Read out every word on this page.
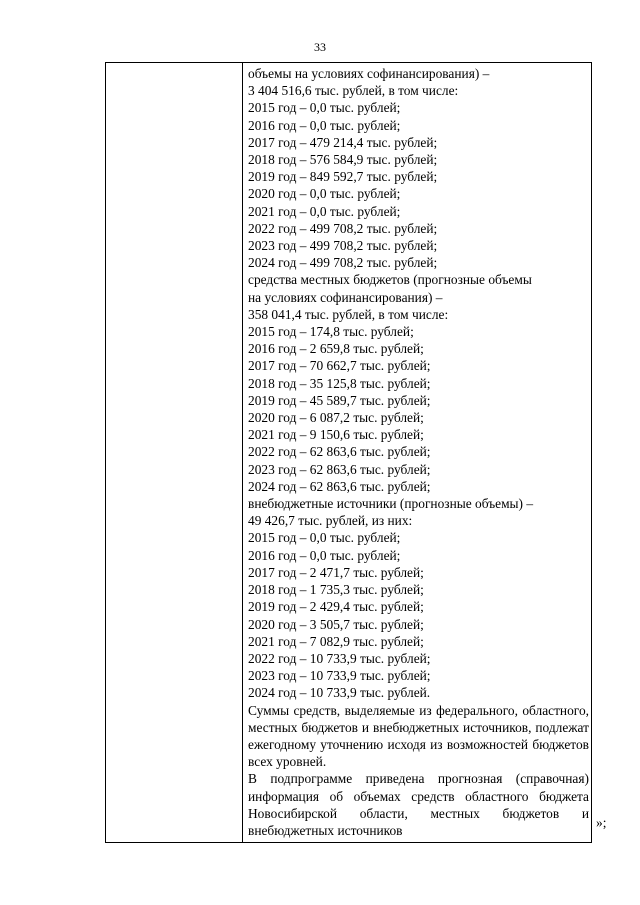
33
объемы на условиях софинансирования) –
3 404 516,6 тыс. рублей, в том числе:
2015 год – 0,0 тыс. рублей;
2016 год – 0,0 тыс. рублей;
2017 год – 479 214,4 тыс. рублей;
2018 год – 576 584,9 тыс. рублей;
2019 год – 849 592,7 тыс. рублей;
2020 год – 0,0 тыс. рублей;
2021 год – 0,0 тыс. рублей;
2022 год – 499 708,2 тыс. рублей;
2023 год – 499 708,2 тыс. рублей;
2024 год – 499 708,2 тыс. рублей;
средства местных бюджетов (прогнозные объемы
на условиях софинансирования) –
358 041,4 тыс. рублей, в том числе:
2015 год – 174,8 тыс. рублей;
2016 год – 2 659,8 тыс. рублей;
2017 год – 70 662,7 тыс. рублей;
2018 год – 35 125,8 тыс. рублей;
2019 год – 45 589,7 тыс. рублей;
2020 год – 6 087,2 тыс. рублей;
2021 год – 9 150,6 тыс. рублей;
2022 год – 62 863,6 тыс. рублей;
2023 год – 62 863,6 тыс. рублей;
2024 год – 62 863,6 тыс. рублей;
внебюджетные источники (прогнозные объемы) –
49 426,7 тыс. рублей, из них:
2015 год – 0,0 тыс. рублей;
2016 год – 0,0 тыс. рублей;
2017 год – 2 471,7 тыс. рублей;
2018 год – 1 735,3 тыс. рублей;
2019 год – 2 429,4 тыс. рублей;
2020 год – 3 505,7 тыс. рублей;
2021 год – 7 082,9 тыс. рублей;
2022 год – 10 733,9 тыс. рублей;
2023 год – 10 733,9 тыс. рублей;
2024 год – 10 733,9 тыс. рублей.
Суммы средств, выделяемые из федерального, областного, местных бюджетов и внебюджетных источников, подлежат ежегодному уточнению исходя из возможностей бюджетов всех уровней.
В подпрограмме приведена прогнозная (справочная) информация об объемах средств областного бюджета Новосибирской области, местных бюджетов и внебюджетных источников
»;
